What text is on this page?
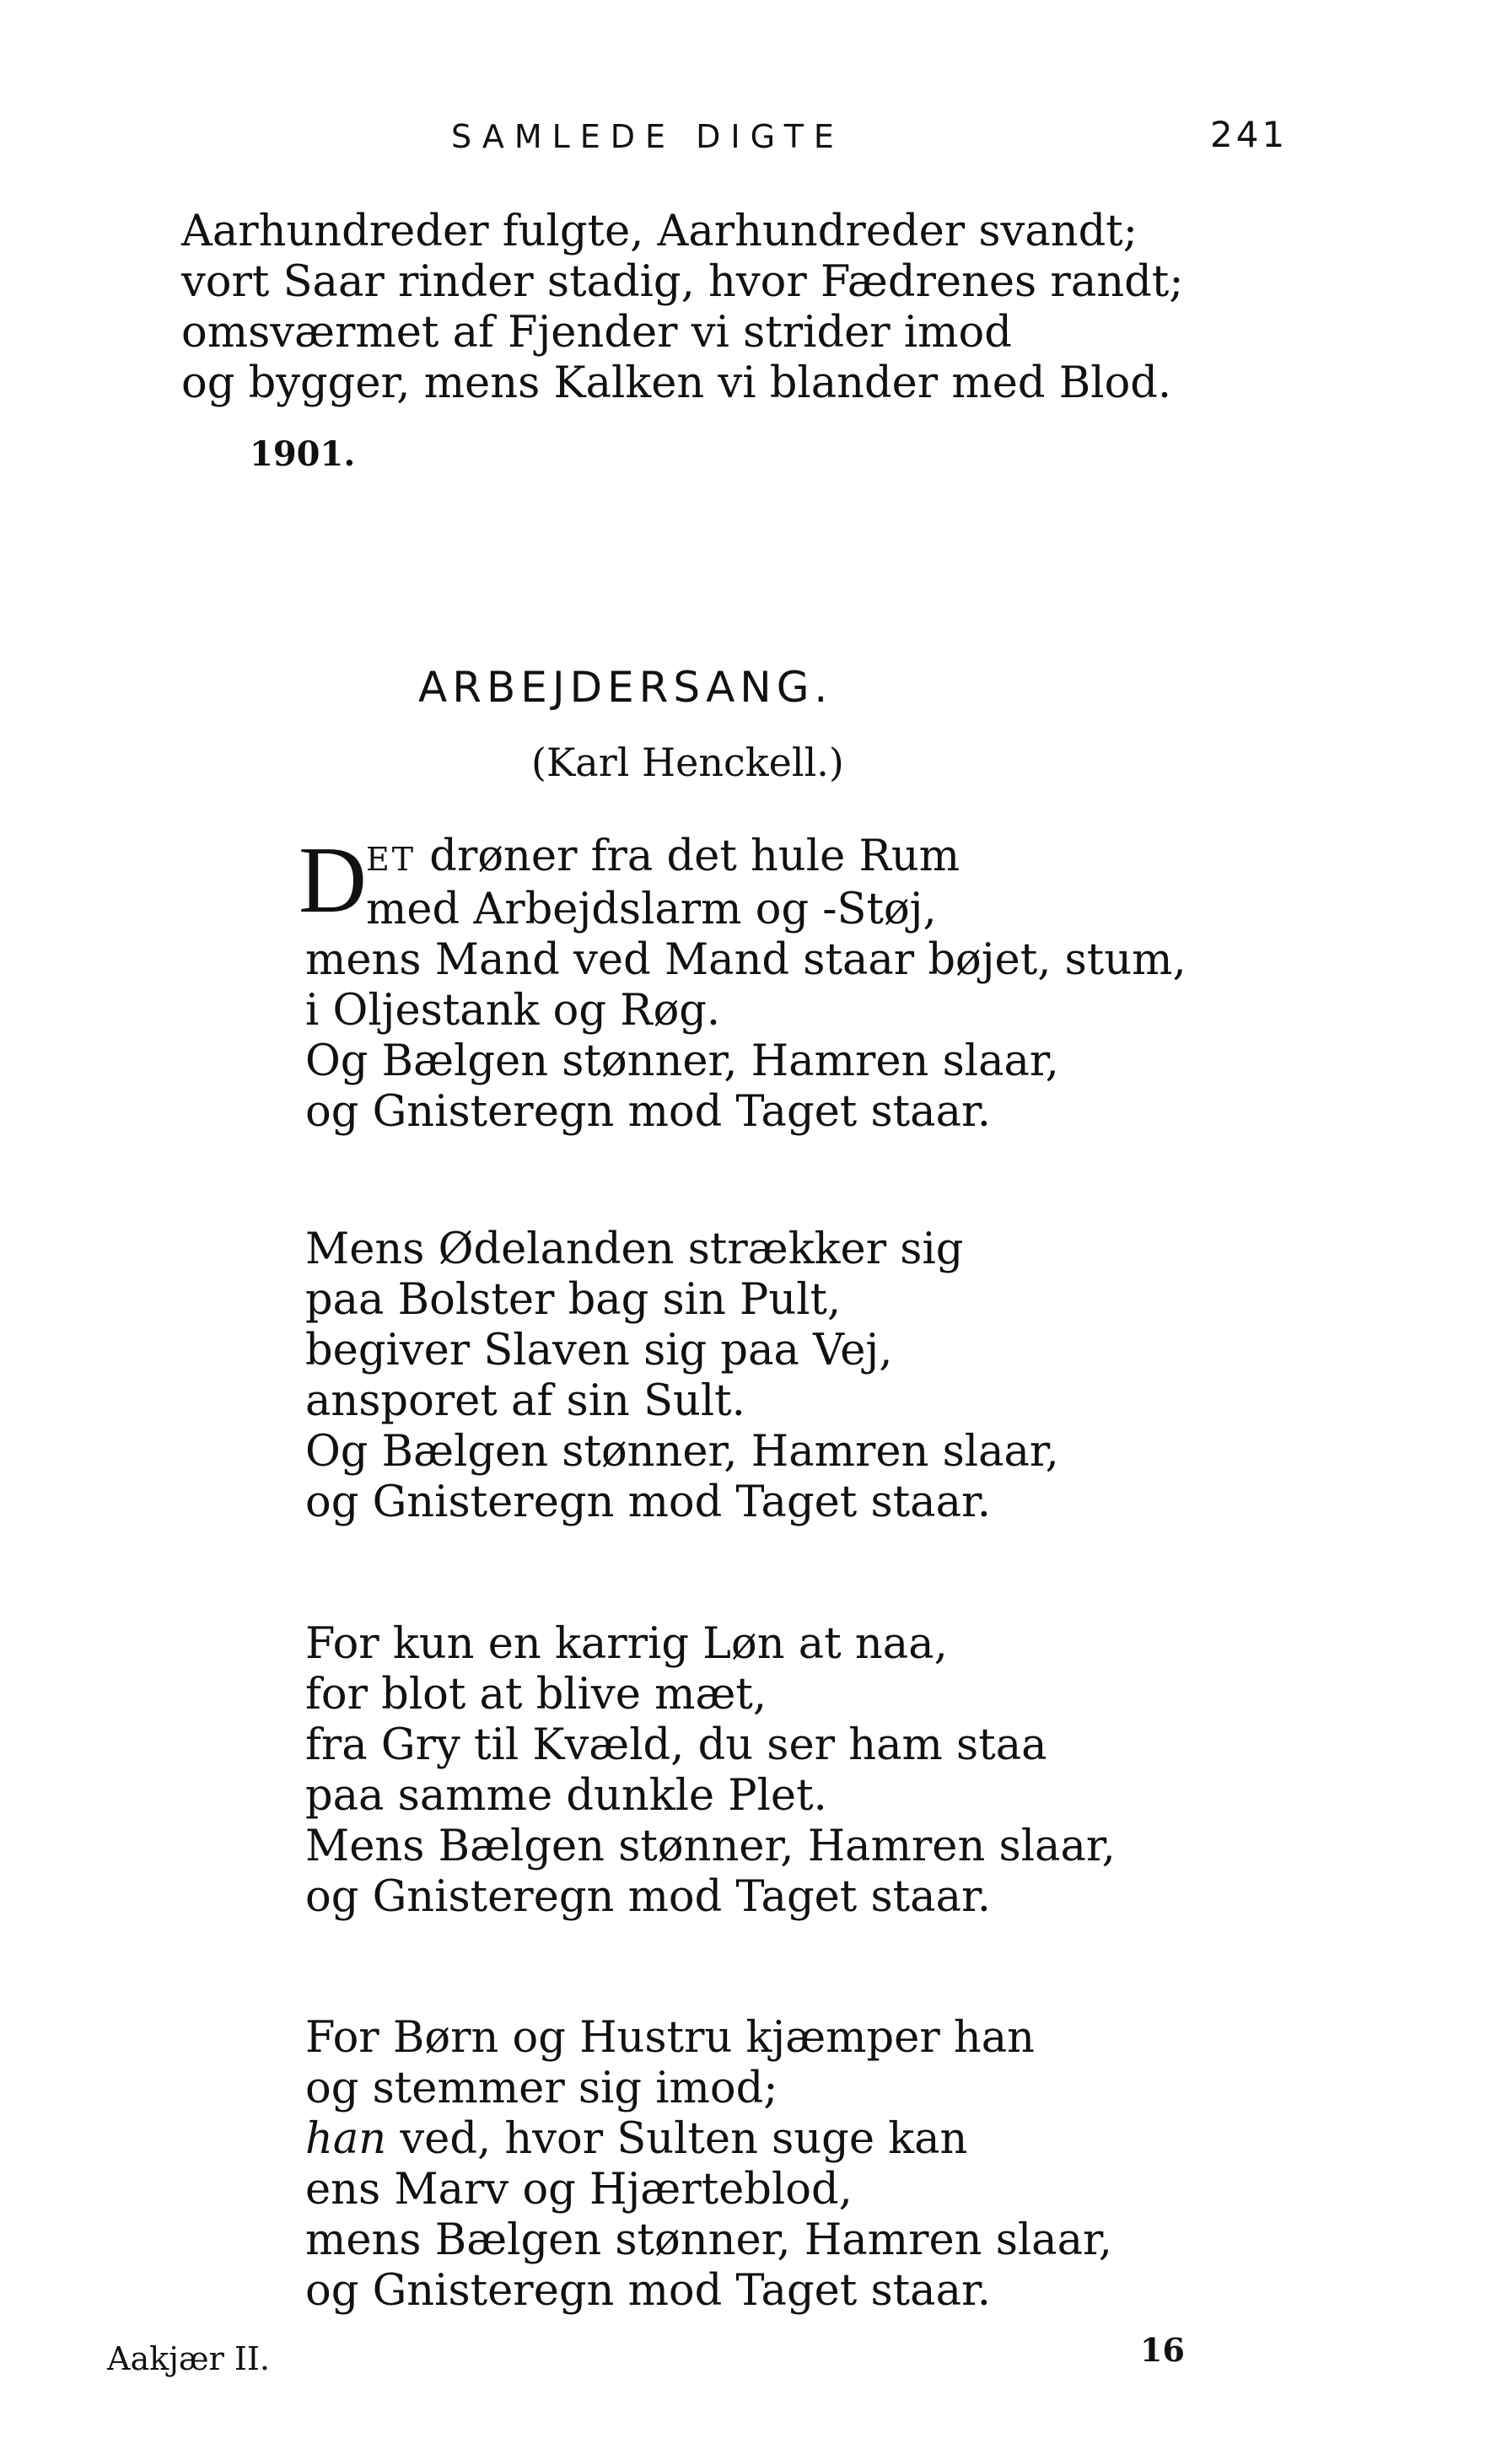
SAMLEDE DIGTE	241
Aarhundreder fulgte, Aarhundreder svandt;
vort Saar rinder stadig, hvor Fædrenes randt;
omsværmet af Fjender vi strider imod
og bygger, mens Kalken vi blander med Blod.
1901.
ARBEJDERSANG.
(Karl Henckell.)
D ET drøner fra det hule Rum
med Arbejdslarm og -Støj,
mens Mand ved Mand staar bøjet, stum,
i Oljestank og Røg.
Og Bælgen stønner, Hamren slaar,
og Gnisteregn mod Taget staar.
Mens Ødelanden strækker sig
paa Bolster bag sin Pult,
begiver Slaven sig paa Vej,
ansporet af sin Sult.
Og Bælgen stønner, Hamren slaar,
og Gnisteregn mod Taget staar.
For kun en karrig Løn at naa,
for blot at blive mæt,
fra Gry til Kvæld, du ser ham staa
paa samme dunkle Plet.
Mens Bælgen stønner, Hamren slaar,
og Gnisteregn mod Taget staar.
For Børn og Hustru kjæmper han
og stemmer sig imod;
han ved, hvor Sulten suge kan
ens Marv og Hjærteblod,
mens Bælgen stønner, Hamren slaar,
og Gnisteregn mod Taget staar.
Aakjær II.	16
